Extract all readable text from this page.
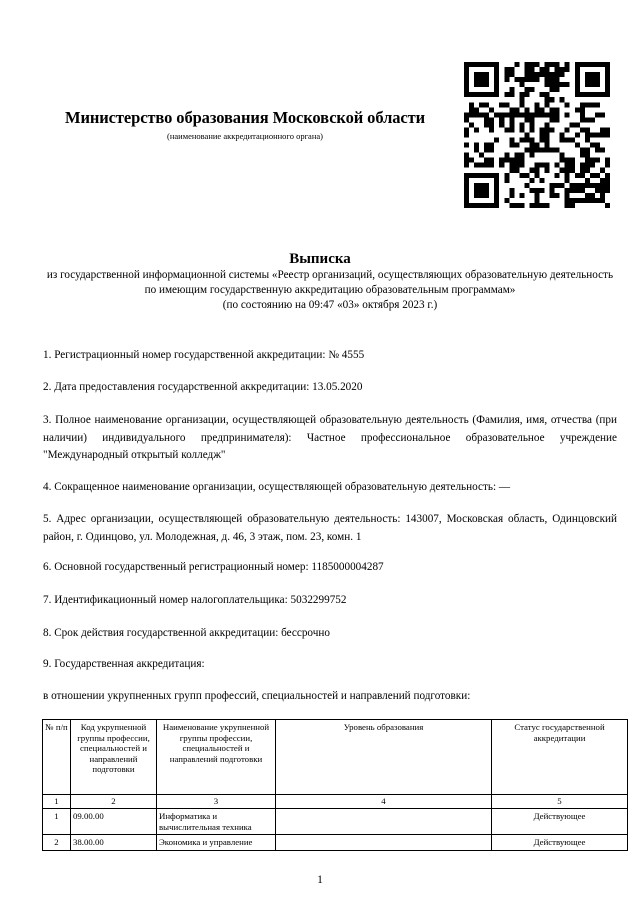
Министерство образования Московской области
(наименование аккредитационного органа)
Выписка
из государственной информационной системы «Реестр организаций, осуществляющих образовательную деятельность по имеющим государственную аккредитацию образовательным программам»
(по состоянию на 09:47 «03» октября 2023 г.)
1. Регистрационный номер государственной аккредитации: № 4555
2. Дата предоставления государственной аккредитации: 13.05.2020
3. Полное наименование организации, осуществляющей образовательную деятельность (Фамилия, имя, отчества (при наличии) индивидуального предпринимателя): Частное профессиональное образовательное учреждение "Международный открытый колледж"
4. Сокращенное наименование организации, осуществляющей образовательную деятельность: —
5. Адрес организации, осуществляющей образовательную деятельность: 143007, Московская область, Одинцовский район, г. Одинцово, ул. Молодежная, д. 46, 3 этаж, пом. 23, комн. 1
6. Основной государственный регистрационный номер: 1185000004287
7. Идентификационный номер налогоплательщика: 5032299752
8. Срок действия государственной аккредитации: бессрочно
9. Государственная аккредитация:
в отношении укрупненных групп профессий, специальностей и направлений подготовки:
№ п/п	Код укрупненной группы профессии, специальностей и направлений подготовки	Наименование укрупненной группы профессии, специальностей и направлений подготовки	Уровень образования	Статус государственной аккредитации
1	2	3	4	5
1	09.00.00	Информатика и вычислительная техника		Действующее
2	38.00.00	Экономика и управление		Действующее
1
